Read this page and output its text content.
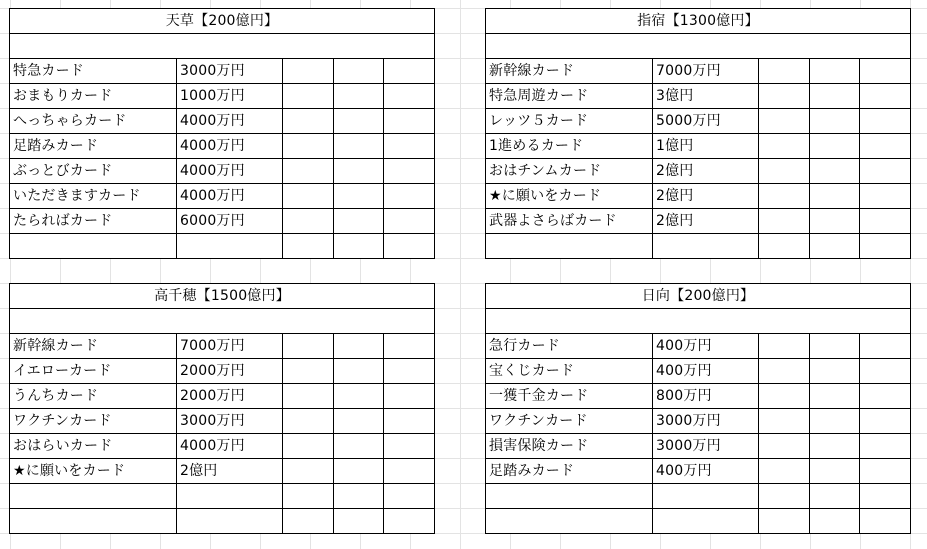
天草【200億円】				

特急カード	3000万円			
おまもりカード	1000万円			
へっちゃらカード	4000万円			
足踏みカード	4000万円			
ぶっとびカード	4000万円			
いただきますカード	4000万円			
たらればカード	6000万円			

指宿【1300億円】				

新幹線カード	7000万円			
特急周遊カード	3億円			
レッツ５カード	5000万円			
1進めるカード	1億円			
おはチンムカード	2億円			
★に願いをカード	2億円			
武器よさらばカード	2億円			

高千穂【1500億円】				

新幹線カード	7000万円			
イエローカード	2000万円			
うんちカード	2000万円			
ワクチンカード	3000万円			
おはらいカード	4000万円			
★に願いをカード	2億円			

日向【200億円】				

急行カード	400万円			
宝くじカード	400万円			
一獲千金カード	800万円			
ワクチンカード	3000万円			
損害保険カード	3000万円			
足踏みカード	400万円			
